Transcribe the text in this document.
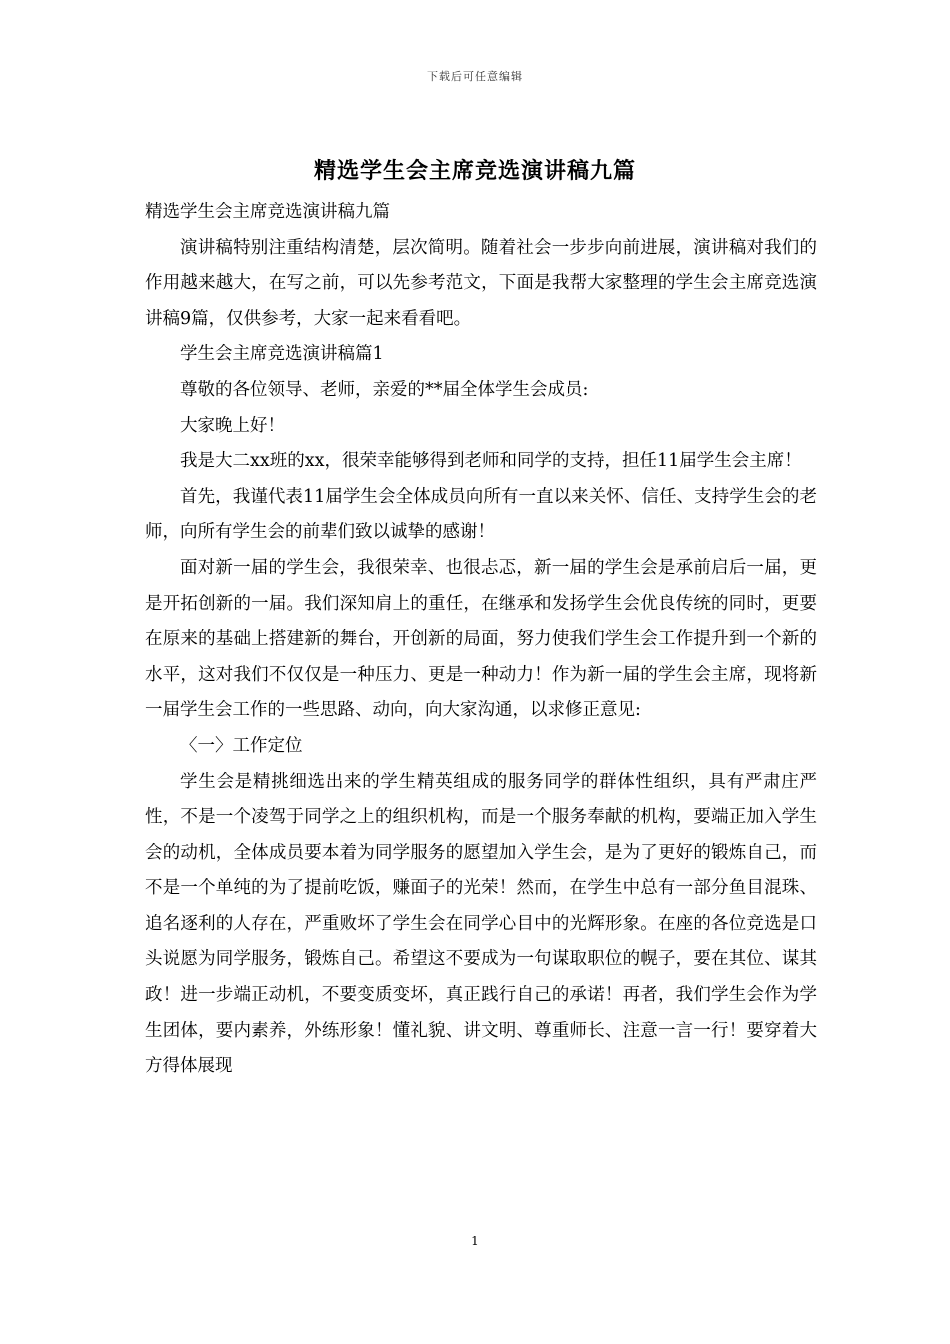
下载后可任意编辑
精选学生会主席竞选演讲稿九篇

精选学生会主席竞选演讲稿九篇

演讲稿特别注重结构清楚，层次简明。随着社会一步步向前进展，演讲稿对我们的作用越来越大，在写之前，可以先参考范文，下面是我帮大家整理的学生会主席竞选演讲稿9篇，仅供参考，大家一起来看看吧。

学生会主席竞选演讲稿篇1

尊敬的各位领导、老师，亲爱的**届全体学生会成员:

大家晚上好！

我是大二xx班的xx，很荣幸能够得到老师和同学的支持，担任11届学生会主席！

首先，我谨代表11届学生会全体成员向所有一直以来关怀、信任、支持学生会的老师，向所有学生会的前辈们致以诚挚的感谢！

面对新一届的学生会，我很荣幸、也很忐忑，新一届的学生会是承前启后一届，更是开拓创新的一届。我们深知肩上的重任，在继承和发扬学生会优良传统的同时，更要在原来的基础上搭建新的舞台，开创新的局面，努力使我们学生会工作提升到一个新的水平，这对我们不仅仅是一种压力、更是一种动力！作为新一届的学生会主席，现将新一届学生会工作的一些思路、动向，向大家沟通，以求修正意见:

〈一〉工作定位

学生会是精挑细选出来的学生精英组成的服务同学的群体性组织，具有严肃庄严性，不是一个凌驾于同学之上的组织机构，而是一个服务奉献的机构，要端正加入学生会的动机，全体成员要本着为同学服务的愿望加入学生会，是为了更好的锻炼自己，而不是一个单纯的为了提前吃饭，赚面子的光荣！然而，在学生中总有一部分鱼目混珠、追名逐利的人存在，严重败坏了学生会在同学心目中的光辉形象。在座的各位竞选是口头说愿为同学服务，锻炼自己。希望这不要成为一句谋取职位的幌子，要在其位、谋其政！进一步端正动机，不要变质变坏，真正践行自己的承诺！再者，我们学生会作为学生团体，要内素养，外练形象！懂礼貌、讲文明、尊重师长、注意一言一行！要穿着大方得体展现

1
